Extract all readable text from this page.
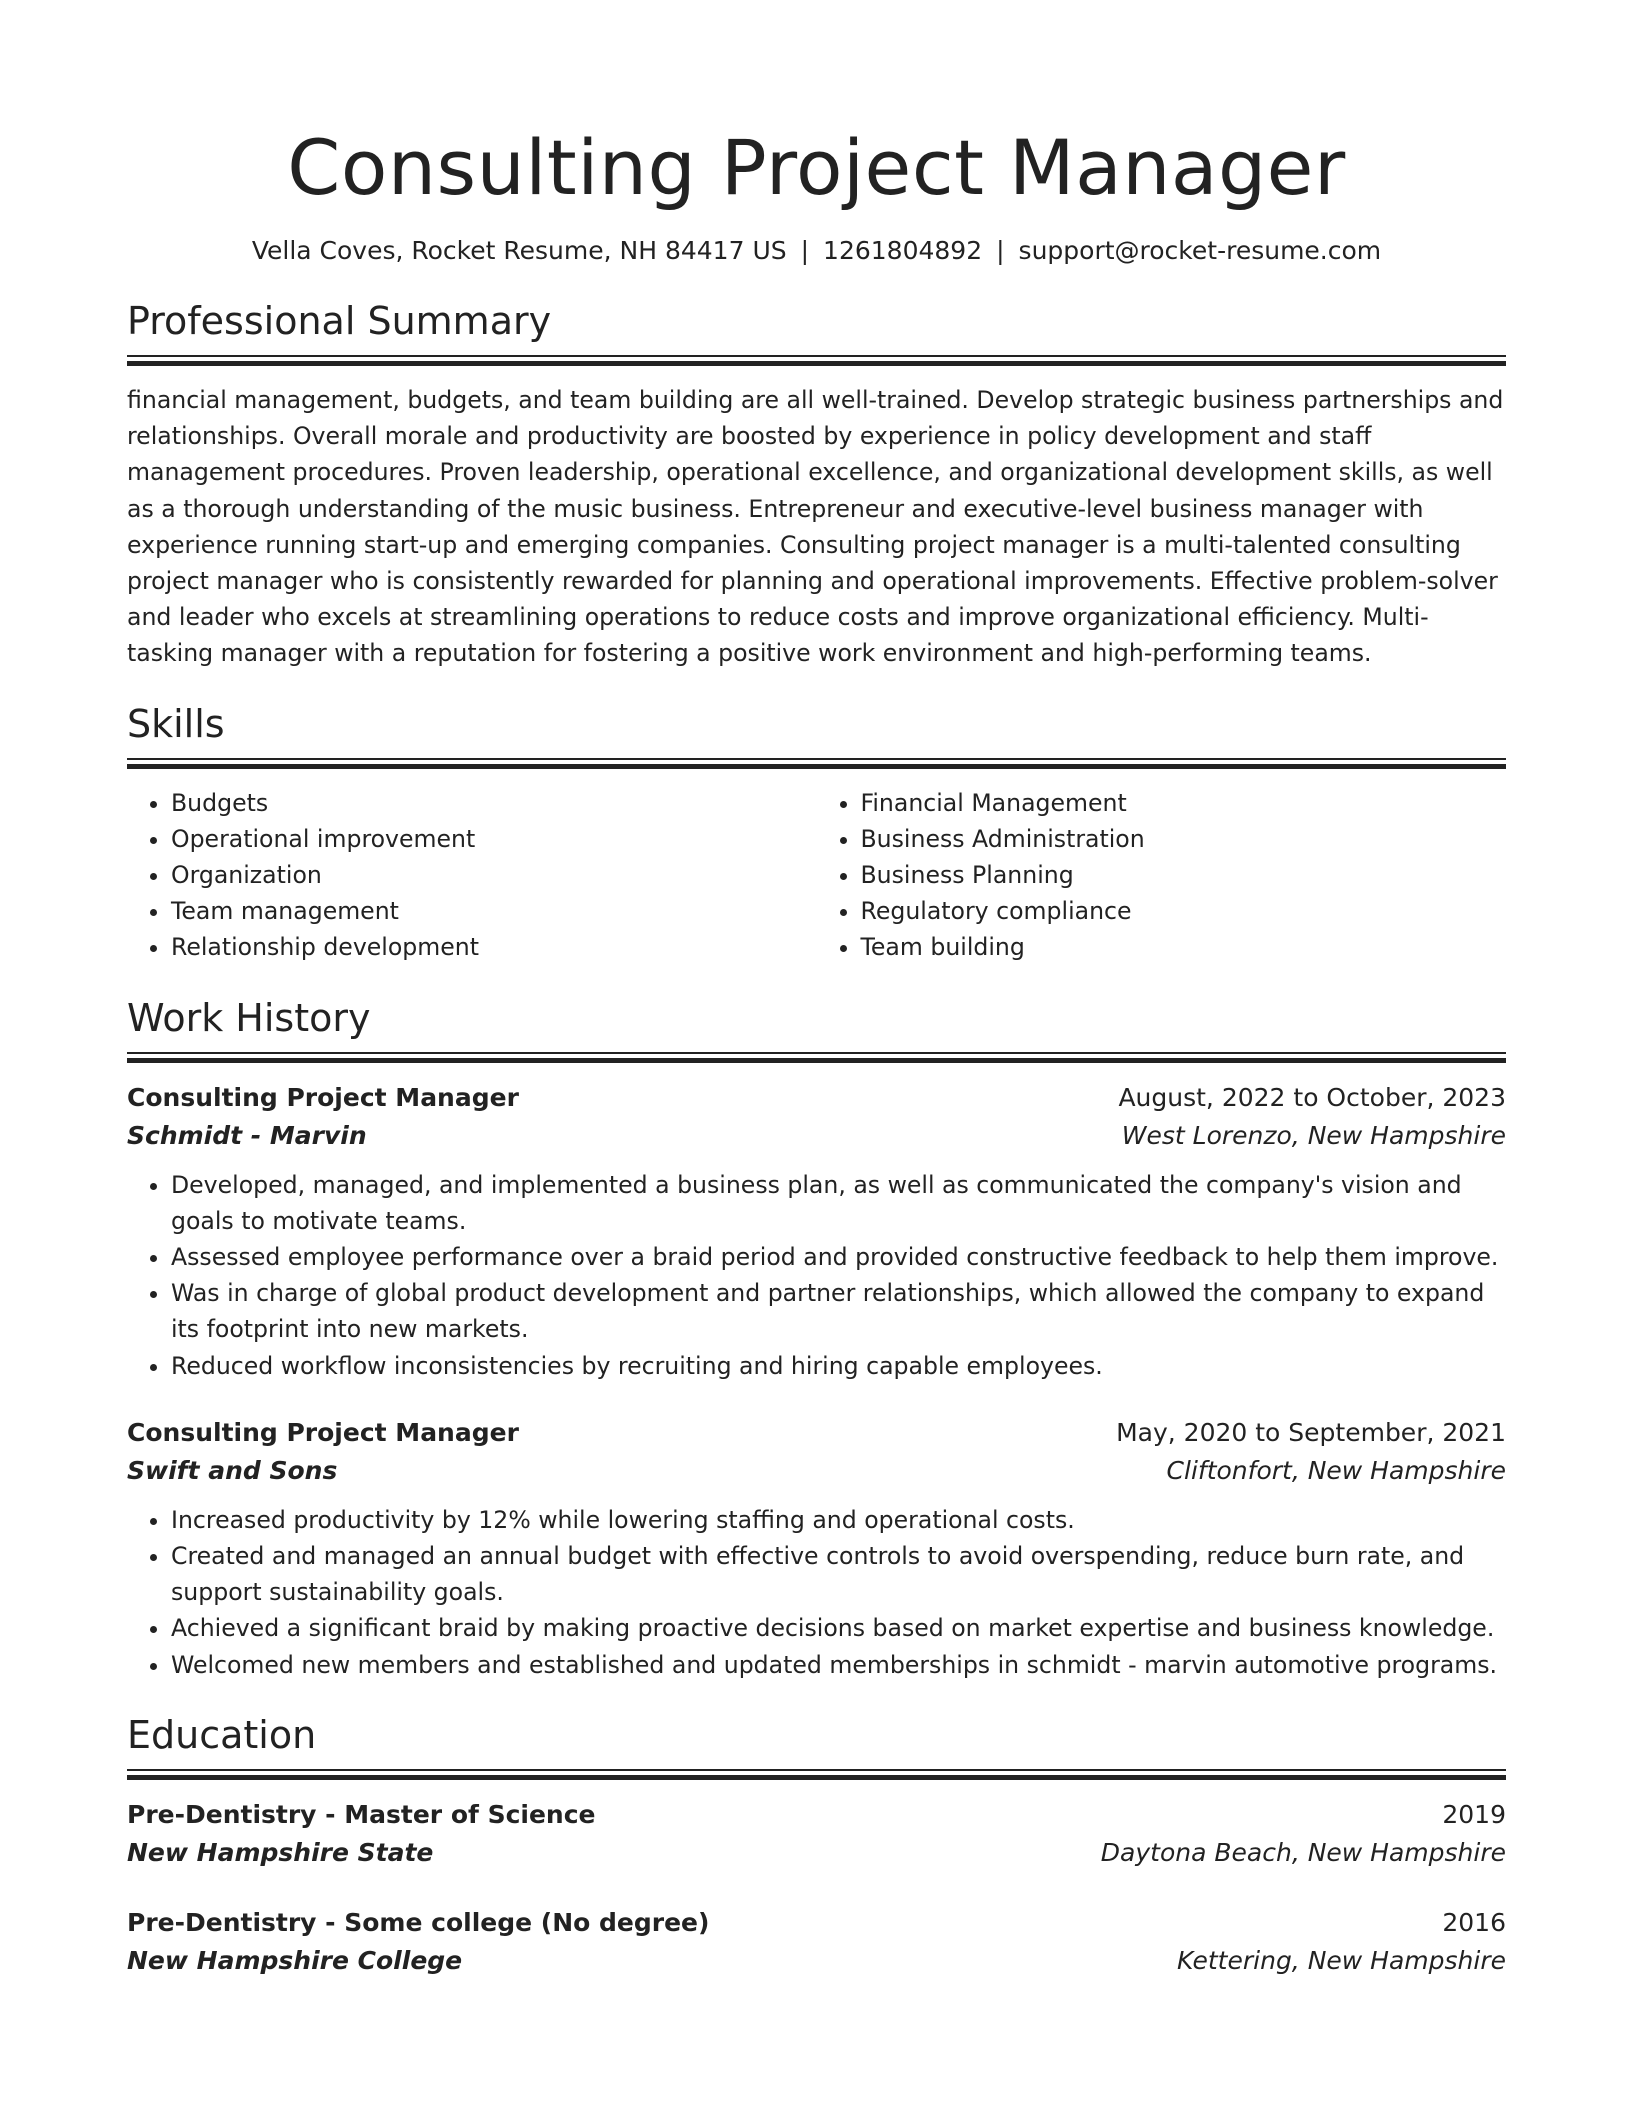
Consulting Project Manager
Vella Coves, Rocket Resume, NH 84417 US | 1261804892 | support@rocket-resume.com
Professional Summary

financial management, budgets, and team building are all well-trained. Develop strategic business partnerships and relationships. Overall morale and productivity are boosted by experience in policy development and staff management procedures. Proven leadership, operational excellence, and organizational development skills, as well as a thorough understanding of the music business. Entrepreneur and executive-level business manager with experience running start-up and emerging companies. Consulting project manager is a multi-talented consulting project manager who is consistently rewarded for planning and operational improvements. Effective problem-solver and leader who excels at streamlining operations to reduce costs and improve organizational efficiency. Multi-tasking manager with a reputation for fostering a positive work environment and high-performing teams.

Skills
• Budgets
• Operational improvement
• Organization
• Team management
• Relationship development
• Financial Management
• Business Administration
• Business Planning
• Regulatory compliance
• Team building
Work History
Consulting Project Manager	August, 2022 to October, 2023
Schmidt - Marvin	West Lorenzo, New Hampshire
• Developed, managed, and implemented a business plan, as well as communicated the company's vision and goals to motivate teams.
• Assessed employee performance over a braid period and provided constructive feedback to help them improve.
• Was in charge of global product development and partner relationships, which allowed the company to expand its footprint into new markets.
• Reduced workflow inconsistencies by recruiting and hiring capable employees.
Consulting Project Manager	May, 2020 to September, 2021
Swift and Sons	Cliftonfort, New Hampshire
• Increased productivity by 12% while lowering staffing and operational costs.
• Created and managed an annual budget with effective controls to avoid overspending, reduce burn rate, and support sustainability goals.
• Achieved a significant braid by making proactive decisions based on market expertise and business knowledge.
• Welcomed new members and established and updated memberships in schmidt - marvin automotive programs.
Education
Pre-Dentistry - Master of Science	2019
New Hampshire State	Daytona Beach, New Hampshire
Pre-Dentistry - Some college (No degree)	2016
New Hampshire College	Kettering, New Hampshire
